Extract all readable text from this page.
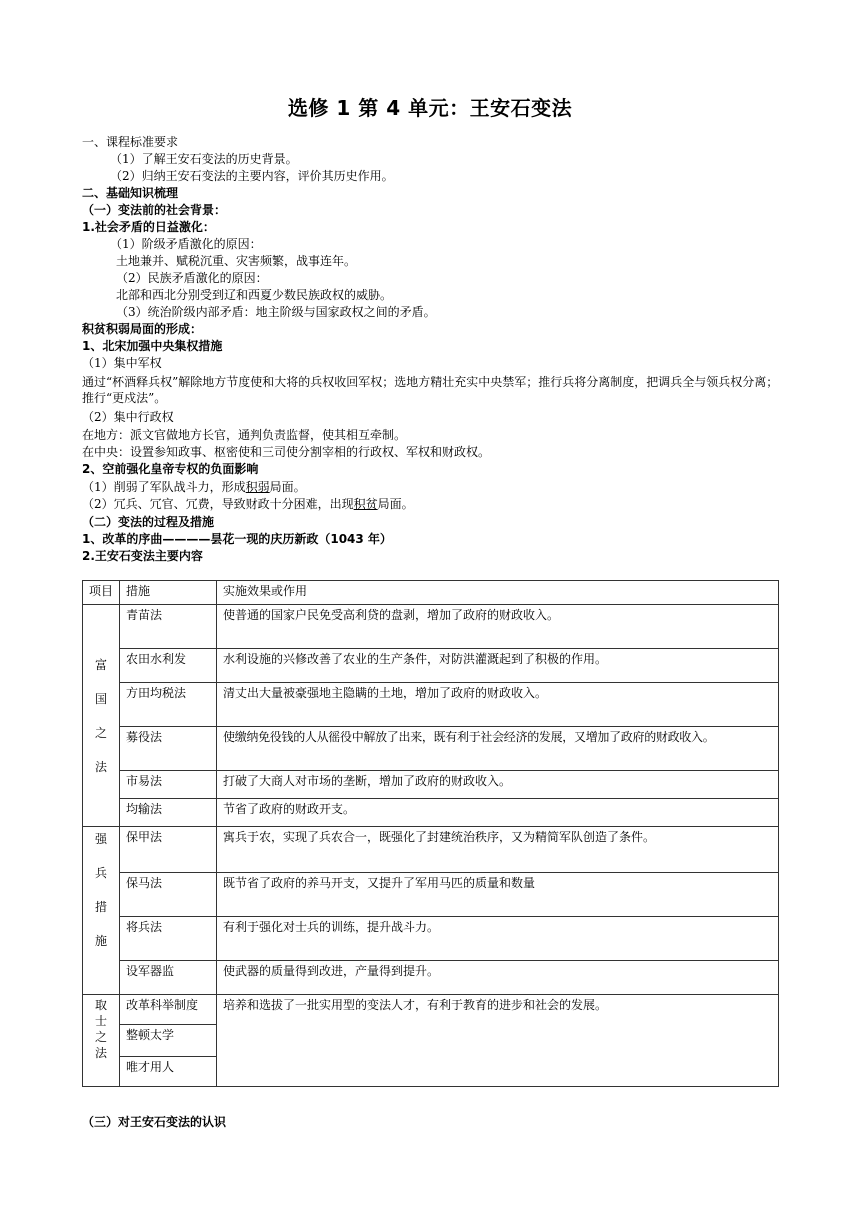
选修 1 第 4 单元：王安石变法
一、课程标准要求
（1）了解王安石变法的历史背景。
（2）归纳王安石变法的主要内容，评价其历史作用。
二、基础知识梳理
（一）变法前的社会背景：
1.社会矛盾的日益激化：
（1）阶级矛盾激化的原因：
土地兼并、赋税沉重、灾害频繁，战事连年。
（2）民族矛盾激化的原因：
北部和西北分别受到辽和西夏少数民族政权的威胁。
（3）统治阶级内部矛盾：地主阶级与国家政权之间的矛盾。
积贫积弱局面的形成：
1、北宋加强中央集权措施
（1）集中军权
通过“杯酒释兵权”解除地方节度使和大将的兵权收回军权；选地方精壮充实中央禁军；推行兵将分离制度，把调兵全与领兵权分离；推行“更戍法”。
（2）集中行政权
在地方：派文官做地方长官，通判负责监督，使其相互牵制。
在中央：设置参知政事、枢密使和三司使分割宰相的行政权、军权和财政权。
2、空前强化皇帝专权的负面影响
（1）削弱了军队战斗力，形成积弱局面。
（2）冗兵、冗官、冗费，导致财政十分困难，出现积贫局面。
（二）变法的过程及措施
1、改革的序曲————昙花一现的庆历新政（1043 年）
2.王安石变法主要内容
项目	措施	实施效果或作用

富
国
之
法	青苗法	使普通的国家户民免受高利贷的盘剥，增加了政府的财政收入。
	农田水利发	水利设施的兴修改善了农业的生产条件，对防洪灌溉起到了积极的作用。
	方田均税法	清丈出大量被豪强地主隐瞒的土地，增加了政府的财政收入。
	募役法	使缴纳免役钱的人从徭役中解放了出来，既有利于社会经济的发展，又增加了政府的财政收入。
	市易法	打破了大商人对市场的垄断，增加了政府的财政收入。
	均输法	节省了政府的财政开支。

强
兵
措
施	保甲法	寓兵于农，实现了兵农合一，既强化了封建统治秩序，又为精简军队创造了条件。
	保马法	既节省了政府的养马开支，又提升了军用马匹的质量和数量
	将兵法	有利于强化对士兵的训练，提升战斗力。
	设军器监	使武器的质量得到改进，产量得到提升。

取
士
之
法	改革科举制度	培养和选拔了一批实用型的变法人才，有利于教育的进步和社会的发展。
	整顿太学	
	唯才用人	
（三）对王安石变法的认识
